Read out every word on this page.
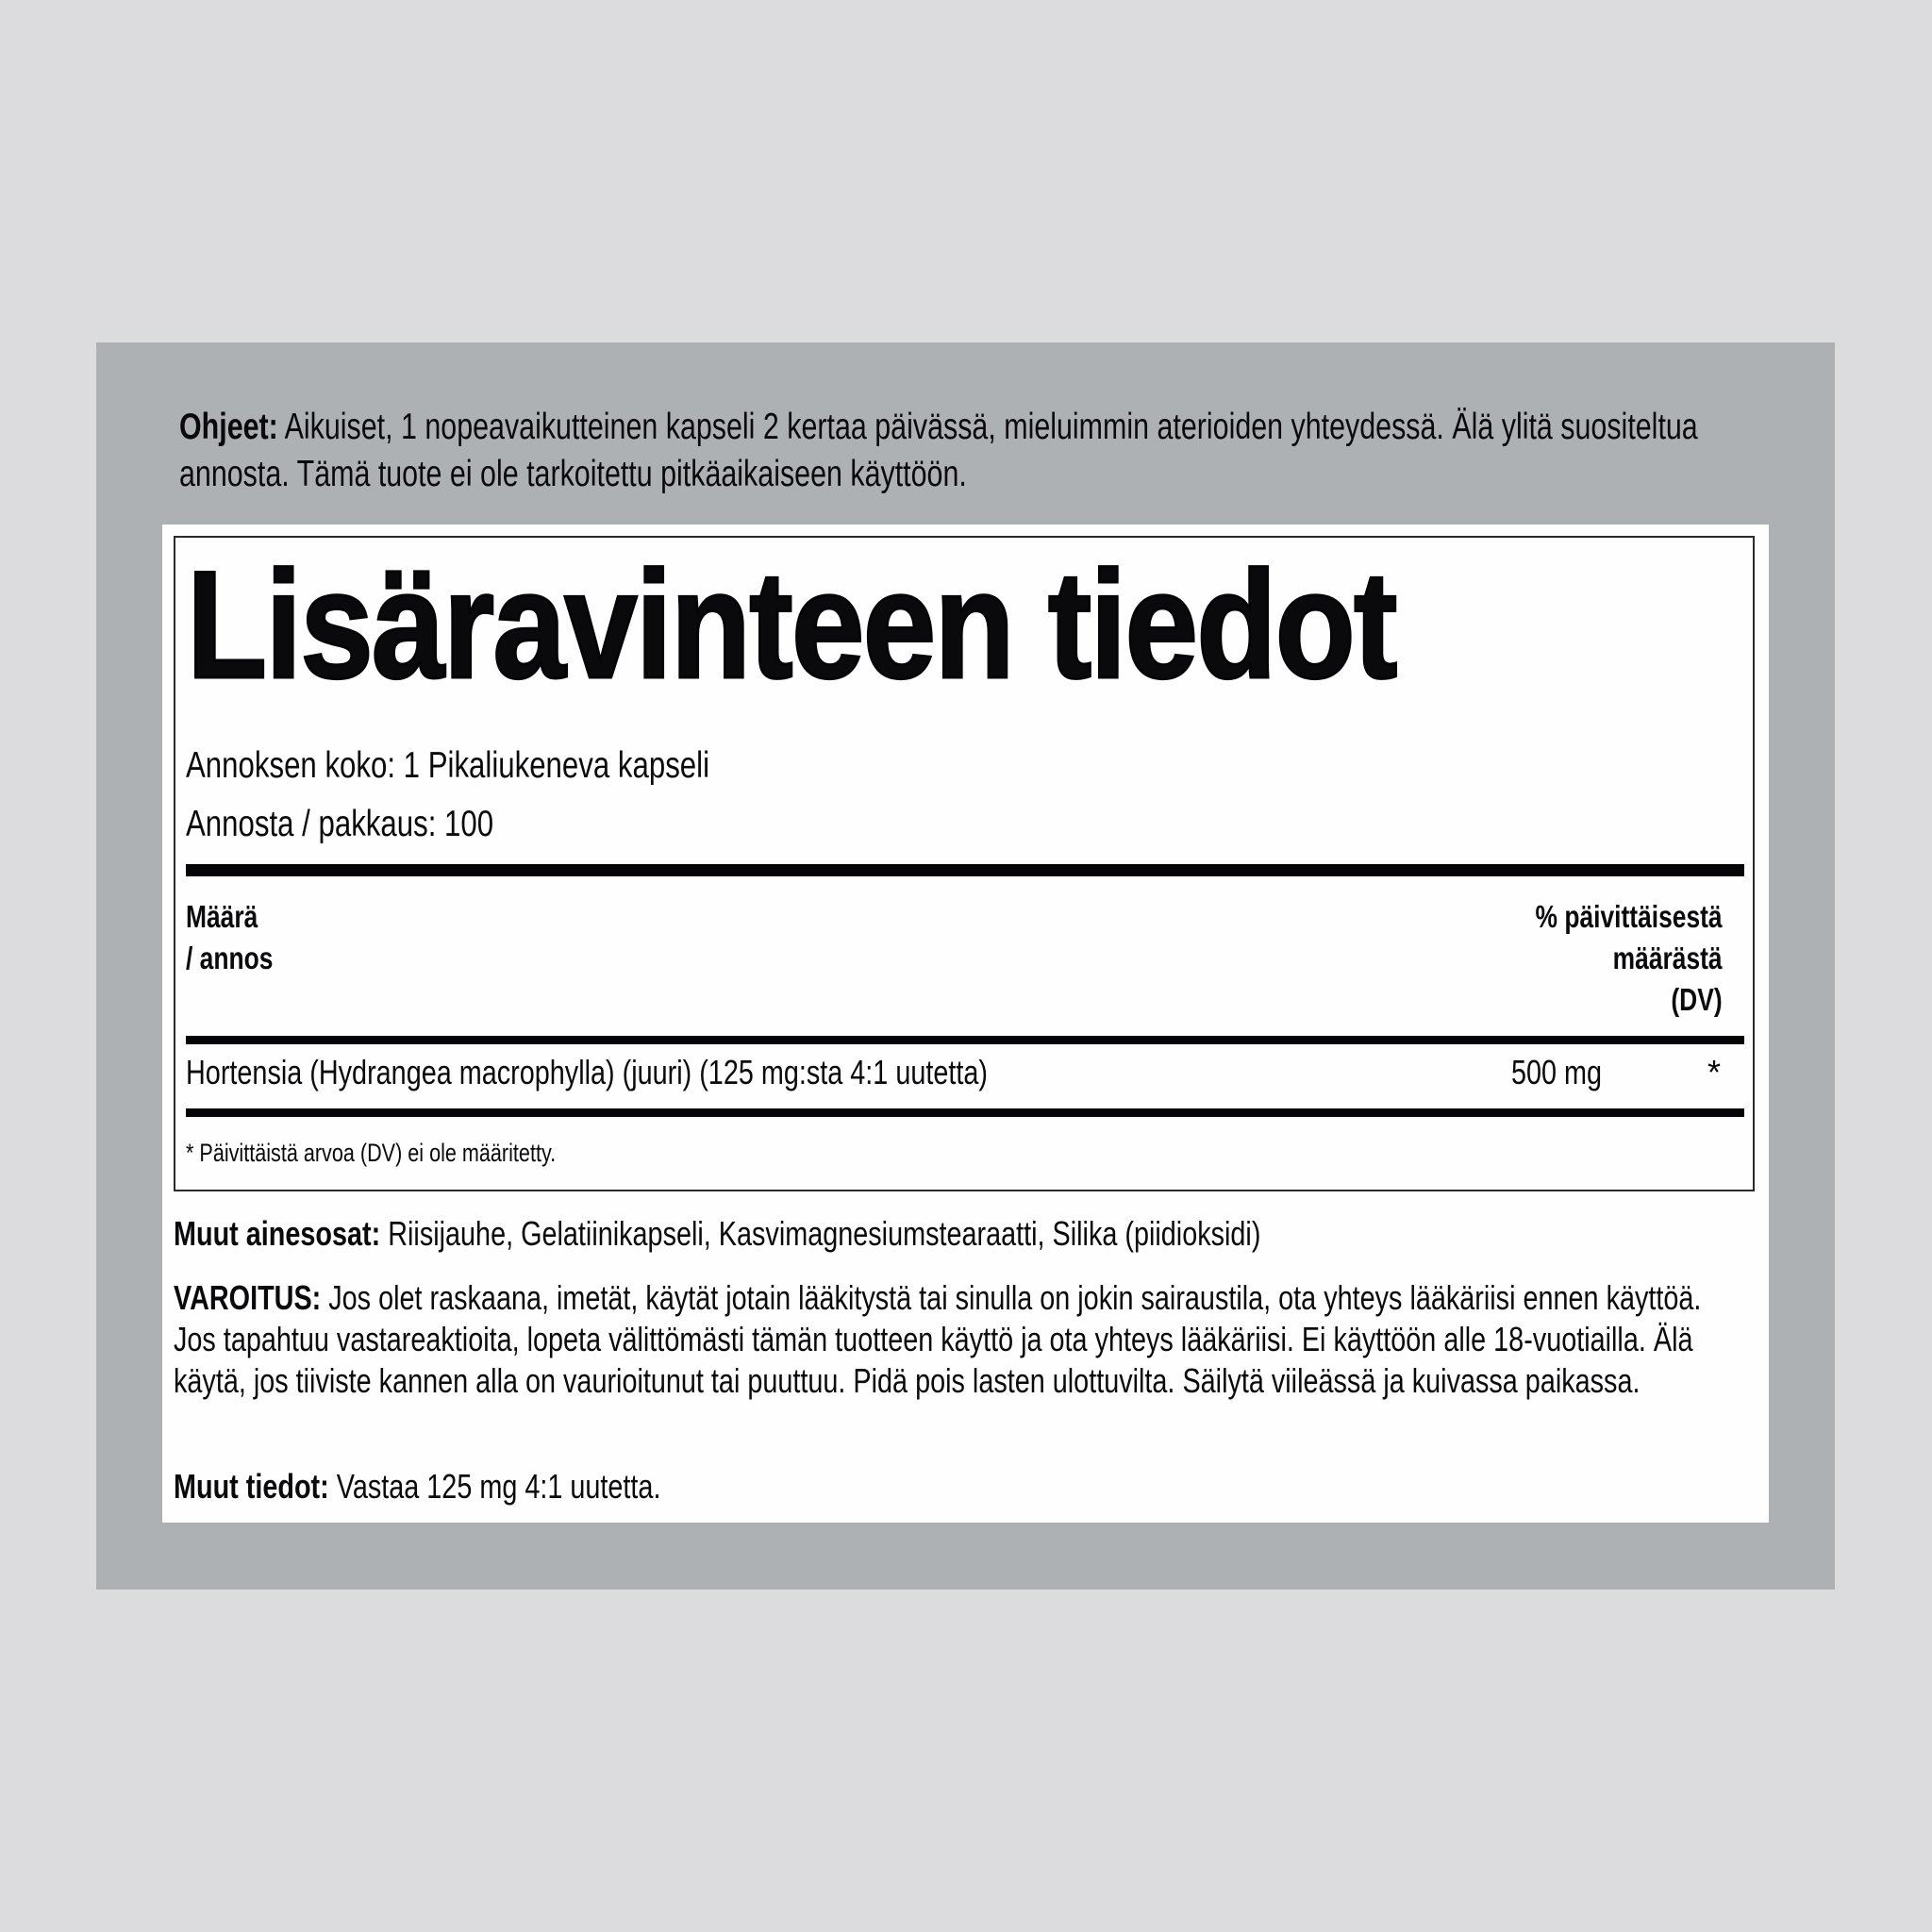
Ohjeet: Aikuiset, 1 nopeavaikutteinen kapseli 2 kertaa päivässä, mieluimmin aterioiden yhteydessä. Älä ylitä suositeltua annosta. Tämä tuote ei ole tarkoitettu pitkäaikaiseen käyttöön.
Lisäravinteen tiedot
Annoksen koko: 1 Pikaliukeneva kapseli
Annosta / pakkaus: 100
Määrä
/ annos
% päivittäisestä
määrästä
(DV)
Hortensia (Hydrangea macrophylla) (juuri) (125 mg:sta 4:1 uutetta)	500 mg	*
* Päivittäistä arvoa (DV) ei ole määritetty.
Muut ainesosat: Riisijauhe, Gelatiinikapseli, Kasvimagnesiumstearaatti, Silika (piidioksidi)
VAROITUS: Jos olet raskaana, imetät, käytät jotain lääkitystä tai sinulla on jokin sairaustila, ota yhteys lääkäriisi ennen käyttöä. Jos tapahtuu vastareaktioita, lopeta välittömästi tämän tuotteen käyttö ja ota yhteys lääkäriisi. Ei käyttöön alle 18-vuotiailla. Älä käytä, jos tiiviste kannen alla on vaurioitunut tai puuttuu. Pidä pois lasten ulottuvilta. Säilytä viileässä ja kuivassa paikassa.
Muut tiedot: Vastaa 125 mg 4:1 uutetta.
